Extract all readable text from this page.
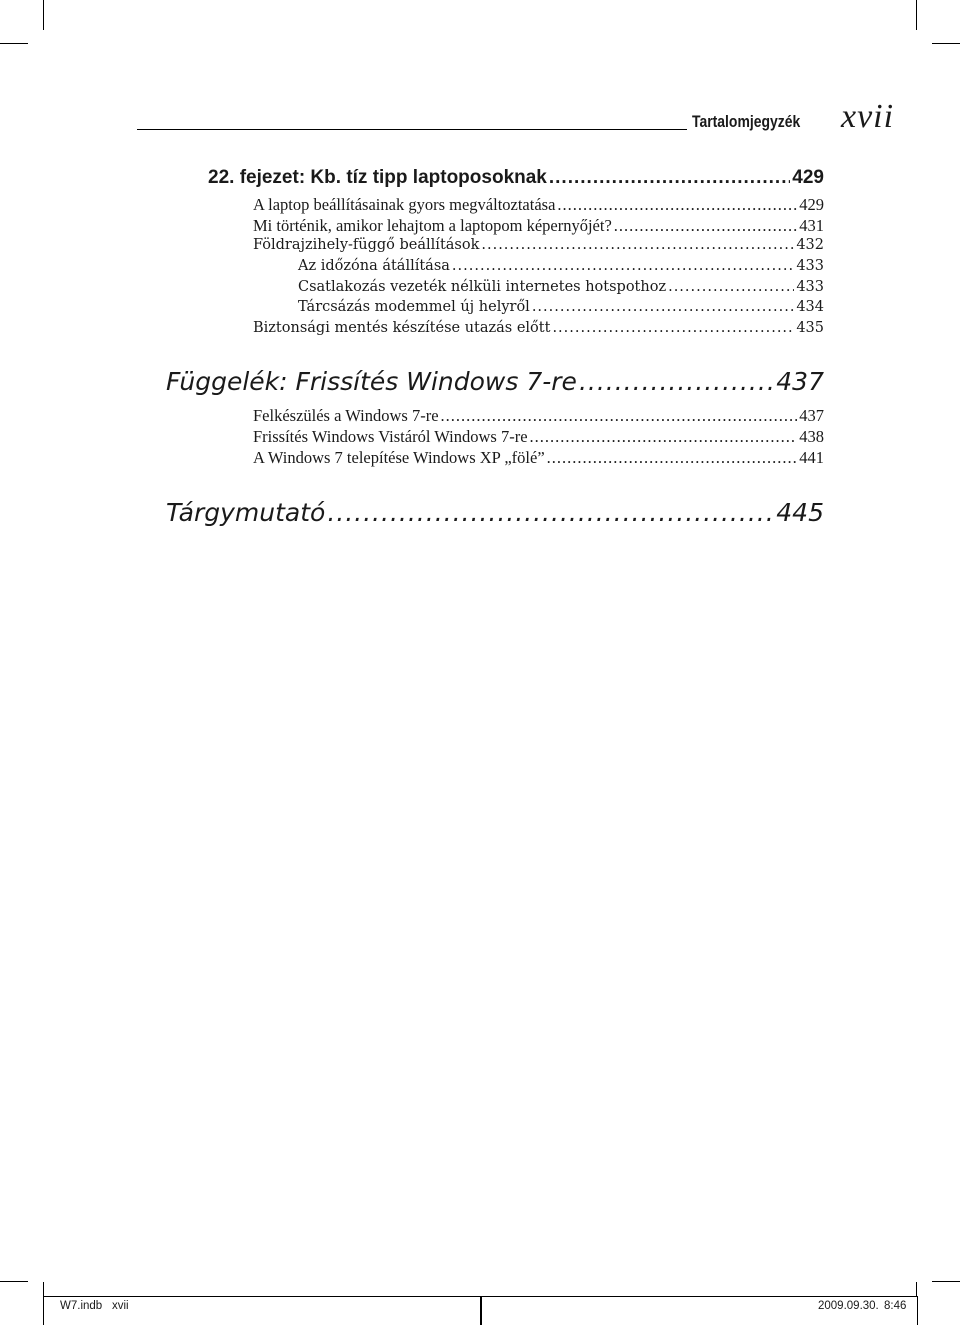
Tartalomjegyzék xvii
22. fejezet: Kb. tíz tipp laptoposoknak .....	429
A laptop beállításainak gyors megváltoztatása .....	429
Mi történik, amikor lehajtom a laptopom képernyőjét? .....	431
Földrajzihely-függő beállítások .....	432
Az időzóna átállítása .....	433
Csatlakozás vezeték nélküli internetes hotspothoz .....	433
Tárcsázás modemmel új helyről .....	434
Biztonsági mentés készítése utazás előtt .....	435
Függelék: Frissítés Windows 7-re .....	437
Felkészülés a Windows 7-re .....	437
Frissítés Windows Vistáról Windows 7-re .....	438
A Windows 7 telepítése Windows XP „fölé” .....	441
Tárgymutató .....	445
W7.indb xvii	2009.09.30. 8:46
